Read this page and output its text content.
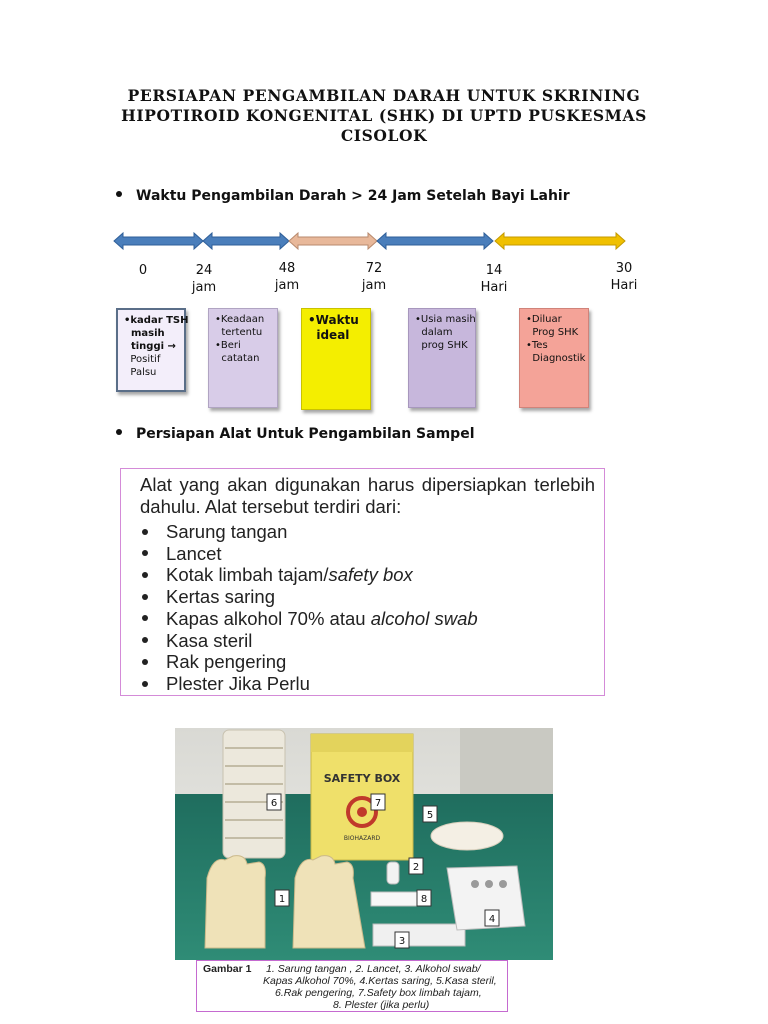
PERSIAPAN PENGAMBILAN DARAH UNTUK SKRINING
HIPOTIROID KONGENITAL (SHK) DI UPTD PUSKESMAS
CISOLOK
Waktu Pengambilan Darah > 24 Jam Setelah Bayi Lahir
0	24
jam
48
jam
72
jam
14
Hari
30
Hari
•kadar TSH
masih
tinggi →
Positif
Palsu
•Keadaan
tertentu
•Beri
catatan
•Waktu
ideal
•Usia masih
dalam
prog SHK
•Diluar
Prog SHK
•Tes
Diagnostik
Persiapan Alat Untuk Pengambilan Sampel
Alat yang akan digunakan harus dipersiapkan terlebih dahulu. Alat tersebut terdiri dari:
Sarung tangan
Lancet
Kotak limbah tajam/safety box
Kertas saring
Kapas alkohol 70% atau alcohol swab
Kasa steril
Rak pengering
Plester Jika Perlu
SAFETY BOX
BIOHAZARD
1
2
3
4
5
6	7
8
Gambar 1 1. Sarung tangan , 2. Lancet, 3. Alkohol swab/
Kapas Alkohol 70%, 4.Kertas saring, 5.Kasa steril,
6.Rak pengering, 7.Safety box limbah tajam,
8. Plester (jika perlu)
